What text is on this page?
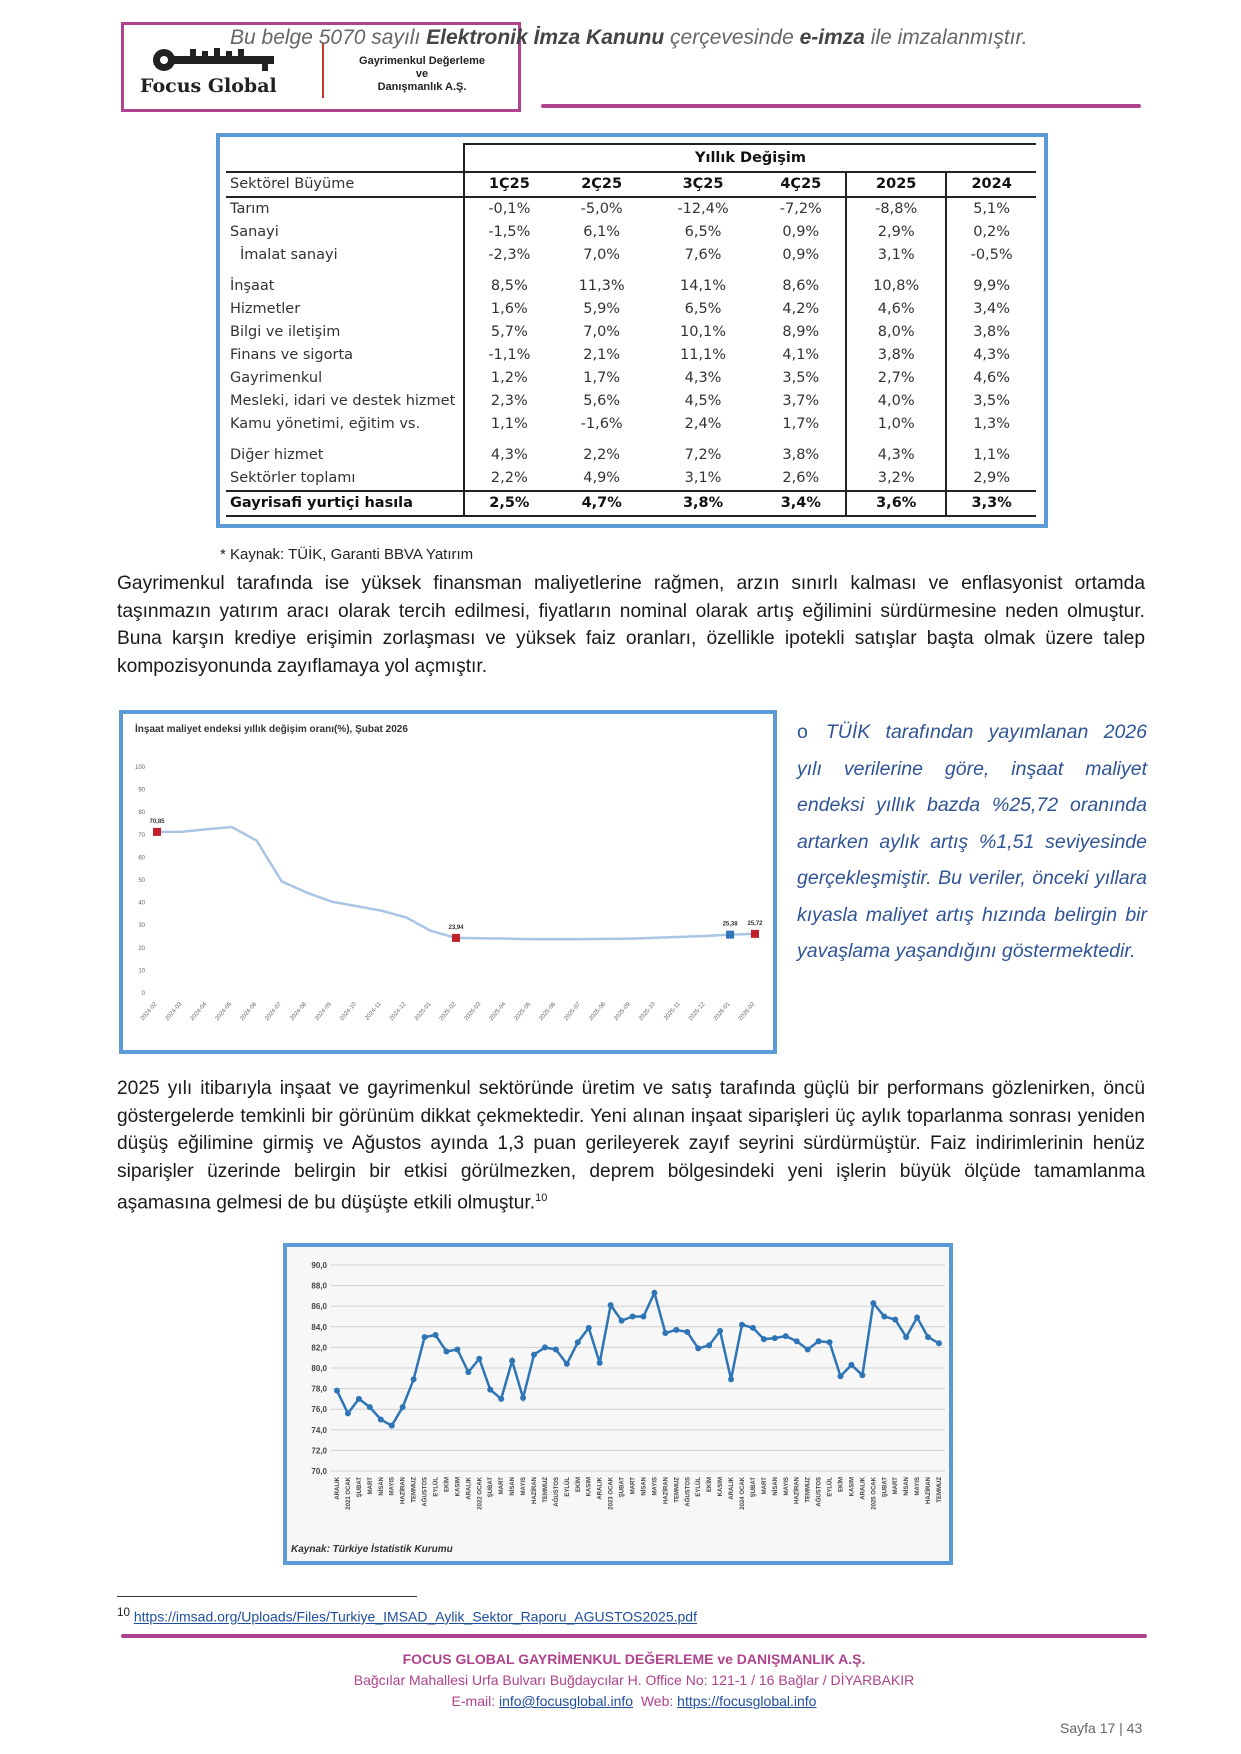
Focus Global
Gayrimenkul Değerleme
ve
Danışmanlık A.Ş.
Bu belge 5070 sayılı Elektronik İmza Kanunu çerçevesinde e-imza ile imzalanmıştır.
	Yıllık Değişim					
Sektörel Büyüme	1Ç25	2Ç25	3Ç25	4Ç25	2025	2024
Tarım	-0,1%	-5,0%	-12,4%	-7,2%	-8,8%	5,1%
Sanayi	-1,5%	6,1%	6,5%	0,9%	2,9%	0,2%
İmalat sanayi	-2,3%	7,0%	7,6%	0,9%	3,1%	-0,5%

İnşaat	8,5%	11,3%	14,1%	8,6%	10,8%	9,9%
Hizmetler	1,6%	5,9%	6,5%	4,2%	4,6%	3,4%
Bilgi ve iletişim	5,7%	7,0%	10,1%	8,9%	8,0%	3,8%
Finans ve sigorta	-1,1%	2,1%	11,1%	4,1%	3,8%	4,3%
Gayrimenkul	1,2%	1,7%	4,3%	3,5%	2,7%	4,6%
Mesleki, idari ve destek hizmet	2,3%	5,6%	4,5%	3,7%	4,0%	3,5%
Kamu yönetimi, eğitim vs.	1,1%	-1,6%	2,4%	1,7%	1,0%	1,3%

Diğer hizmet	4,3%	2,2%	7,2%	3,8%	4,3%	1,1%
Sektörler toplamı	2,2%	4,9%	3,1%	2,6%	3,2%	2,9%
Gayrisafi yurtiçi hasıla	2,5%	4,7%	3,8%	3,4%	3,6%	3,3%
* Kaynak: TÜİK, Garanti BBVA Yatırım
Gayrimenkul tarafında ise yüksek finansman maliyetlerine rağmen, arzın sınırlı kalması ve enflasyonist ortamda taşınmazın yatırım aracı olarak tercih edilmesi, fiyatların nominal olarak artış eğilimini sürdürmesine neden olmuştur. Buna karşın krediye erişimin zorlaşması ve yüksek faiz oranları, özellikle ipotekli satışlar başta olmak üzere talep kompozisyonunda zayıflamaya yol açmıştır.
İnşaat maliyet endeksi yıllık değişim oranı(%), Şubat 2026
0
10
20
30
40
50
60
70
80
90
100
2024-02 2024-03 2024-04 2024-05 2024-06 2024-07 2024-08 2024-09 2024-10 2024-11 2024-12 2025-01 2025-02 2025-03 2025-04 2025-05 2025-06 2025-07 2025-08 2025-09 2025-10 2025-11 2025-12 2026-01 2026-02
70,85
23,94
25,38 25,72
o TÜİK tarafından yayımlanan 2026 yılı verilerine göre, inşaat maliyet endeksi yıllık bazda %25,72 oranında artarken aylık artış %1,51 seviyesinde gerçekleşmiştir. Bu veriler, önceki yıllara kıyasla maliyet artış hızında belirgin bir yavaşlama yaşandığını göstermektedir.
2025 yılı itibarıyla inşaat ve gayrimenkul sektöründe üretim ve satış tarafında güçlü bir performans gözlenirken, öncü göstergelerde temkinli bir görünüm dikkat çekmektedir. Yeni alınan inşaat siparişleri üç aylık toparlanma sonrası yeniden düşüş eğilimine girmiş ve Ağustos ayında 1,3 puan gerileyerek zayıf seyrini sürdürmüştür. Faiz indirimlerinin henüz siparişler üzerinde belirgin bir etkisi görülmezken, deprem bölgesindeki yeni işlerin büyük ölçüde tamamlanma aşamasına gelmesi de bu düşüşte etkili olmuştur.$^{10}$
70,0
72,0
74,0
76,0
78,0
80,0
82,0
84,0
86,0
88,0
90,0
ARALIK 2021 OCAK ŞUBAT MART NİSAN MAYIS HAZİRAN TEMMUZ AĞUSTOS EYLÜL EKİM KASIM ARALIK 2022 OCAK ŞUBAT MART NİSAN MAYIS HAZİRAN TEMMUZ AĞUSTOS EYLÜL EKİM KASIM ARALIK 2023 OCAK ŞUBAT MART NİSAN MAYIS HAZİRAN TEMMUZ AĞUSTOS EYLÜL EKİM KASIM ARALIK 2024 OCAK ŞUBAT MART NİSAN MAYIS HAZİRAN TEMMUZ AĞUSTOS EYLÜL EKİM KASIM ARALIK 2025 OCAK ŞUBAT MART NİSAN MAYIS HAZİRAN TEMMUZ
Kaynak: Türkiye İstatistik Kurumu
$^{10}$ https://imsad.org/Uploads/Files/Turkiye_IMSAD_Aylik_Sektor_Raporu_AGUSTOS2025.pdf
FOCUS GLOBAL GAYRİMENKUL DEĞERLEME ve DANIŞMANLIK A.Ş.
Bağcılar Mahallesi Urfa Bulvarı Buğdaycılar H. Office No: 121-1 / 16 Bağlar / DİYARBAKIR
E-mail: info@focusglobal.info Web: https://focusglobal.info
Sayfa 17 | 43
